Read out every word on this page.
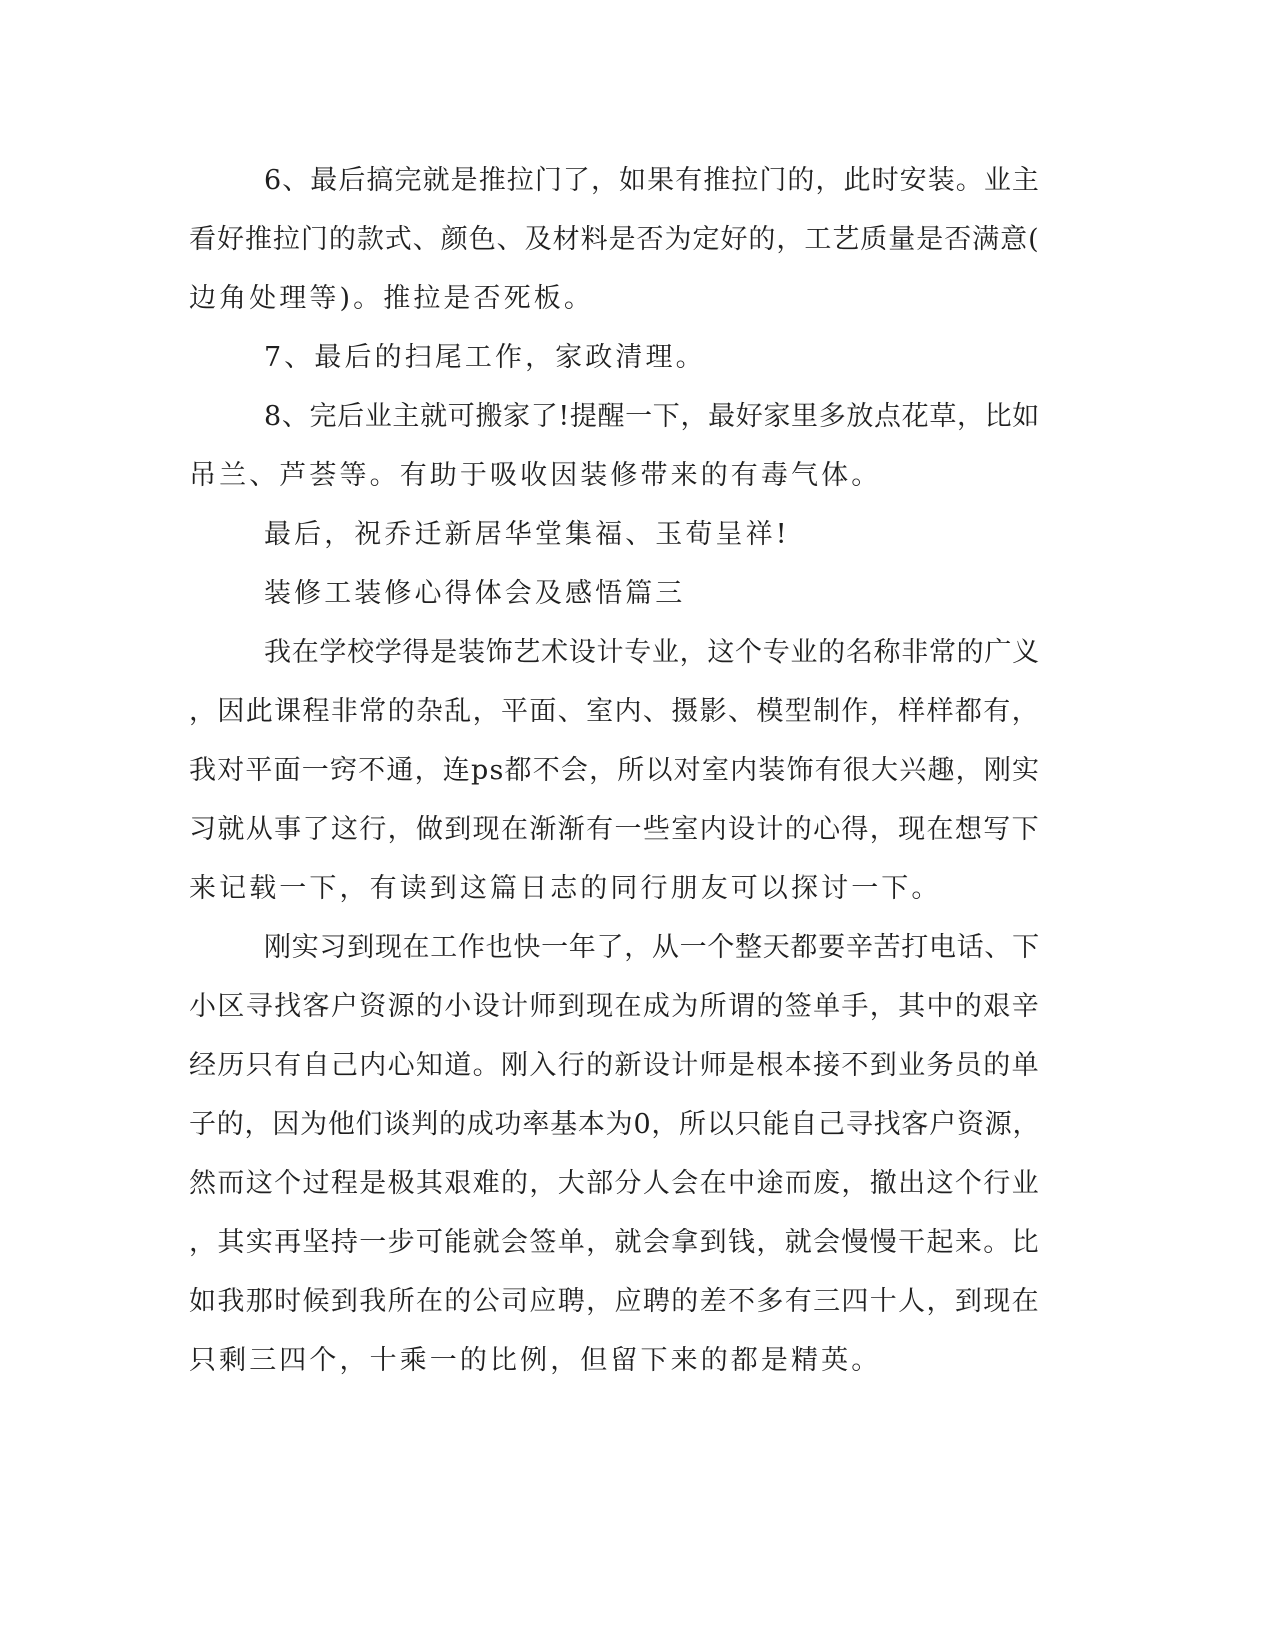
6、最后搞完就是推拉门了，如果有推拉门的，此时安装。业主
看好推拉门的款式、颜色、及材料是否为定好的，工艺质量是否满意(
边角处理等)。推拉是否死板。
7、最后的扫尾工作，家政清理。
8、完后业主就可搬家了!提醒一下，最好家里多放点花草，比如
吊兰、芦荟等。有助于吸收因装修带来的有毒气体。
最后，祝乔迁新居华堂集福、玉荀呈祥!
装修工装修心得体会及感悟篇三
我在学校学得是装饰艺术设计专业，这个专业的名称非常的广义
，因此课程非常的杂乱，平面、室内、摄影、模型制作，样样都有，
我对平面一窍不通，连ps都不会，所以对室内装饰有很大兴趣，刚实
习就从事了这行，做到现在渐渐有一些室内设计的心得，现在想写下
来记载一下，有读到这篇日志的同行朋友可以探讨一下。
刚实习到现在工作也快一年了，从一个整天都要辛苦打电话、下
小区寻找客户资源的小设计师到现在成为所谓的签单手，其中的艰辛
经历只有自己内心知道。刚入行的新设计师是根本接不到业务员的单
子的，因为他们谈判的成功率基本为0，所以只能自己寻找客户资源，
然而这个过程是极其艰难的，大部分人会在中途而废，撤出这个行业
，其实再坚持一步可能就会签单，就会拿到钱，就会慢慢干起来。比
如我那时候到我所在的公司应聘，应聘的差不多有三四十人，到现在
只剩三四个，十乘一的比例，但留下来的都是精英。
